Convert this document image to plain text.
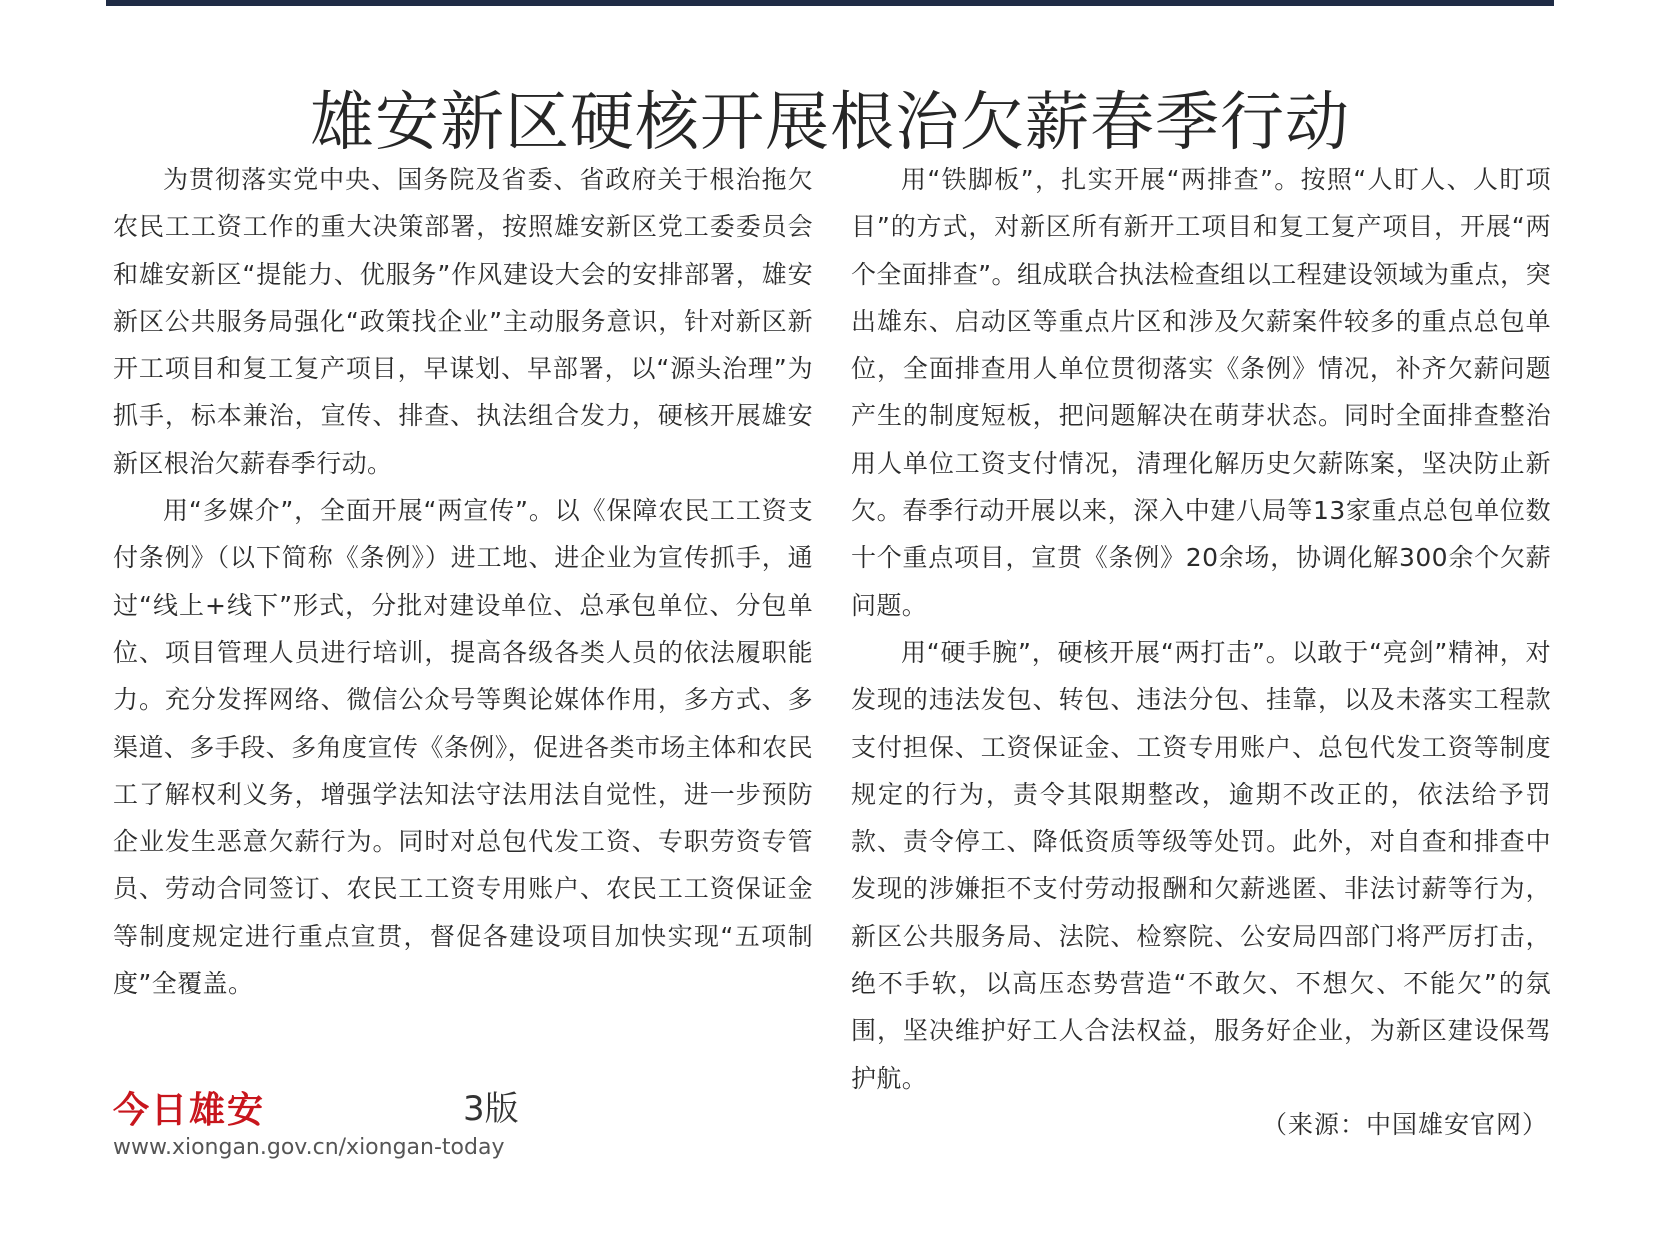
雄安新区硬核开展根治欠薪春季行动

为贯彻落实党中央、国务院及省委、省政府关于根治拖欠农民工工资工作的重大决策部署，按照雄安新区党工委委员会和雄安新区“提能力、优服务”作风建设大会的安排部署，雄安新区公共服务局强化“政策找企业”主动服务意识，针对新区新开工项目和复工复产项目，早谋划、早部署，以“源头治理”为抓手，标本兼治，宣传、排查、执法组合发力，硬核开展雄安新区根治欠薪春季行动。

用“多媒介”，全面开展“两宣传”。以《保障农民工工资支付条例》（以下简称《条例》）进工地、进企业为宣传抓手，通过“线上+线下”形式，分批对建设单位、总承包单位、分包单位、项目管理人员进行培训，提高各级各类人员的依法履职能力。充分发挥网络、微信公众号等舆论媒体作用，多方式、多渠道、多手段、多角度宣传《条例》，促进各类市场主体和农民工了解权利义务，增强学法知法守法用法自觉性，进一步预防企业发生恶意欠薪行为。同时对总包代发工资、专职劳资专管员、劳动合同签订、农民工工资专用账户、农民工工资保证金等制度规定进行重点宣贯，督促各建设项目加快实现“五项制度”全覆盖。

用“铁脚板”，扎实开展“两排查”。按照“人盯人、人盯项目”的方式，对新区所有新开工项目和复工复产项目，开展“两个全面排查”。组成联合执法检查组以工程建设领域为重点，突出雄东、启动区等重点片区和涉及欠薪案件较多的重点总包单位，全面排查用人单位贯彻落实《条例》情况，补齐欠薪问题产生的制度短板，把问题解决在萌芽状态。同时全面排查整治用人单位工资支付情况，清理化解历史欠薪陈案，坚决防止新欠。春季行动开展以来，深入中建八局等13家重点总包单位数十个重点项目，宣贯《条例》20余场，协调化解300余个欠薪问题。

用“硬手腕”，硬核开展“两打击”。以敢于“亮剑”精神，对发现的违法发包、转包、违法分包、挂靠，以及未落实工程款支付担保、工资保证金、工资专用账户、总包代发工资等制度规定的行为，责令其限期整改，逾期不改正的，依法给予罚款、责令停工、降低资质等级等处罚。此外，对自查和排查中发现的涉嫌拒不支付劳动报酬和欠薪逃匿、非法讨薪等行为，新区公共服务局、法院、检察院、公安局四部门将严厉打击，绝不手软，以高压态势营造“不敢欠、不想欠、不能欠”的氛围，坚决维护好工人合法权益，服务好企业，为新区建设保驾护航。

（来源：中国雄安官网）
今日雄安	3版
www.xiongan.gov.cn/xiongan-today
